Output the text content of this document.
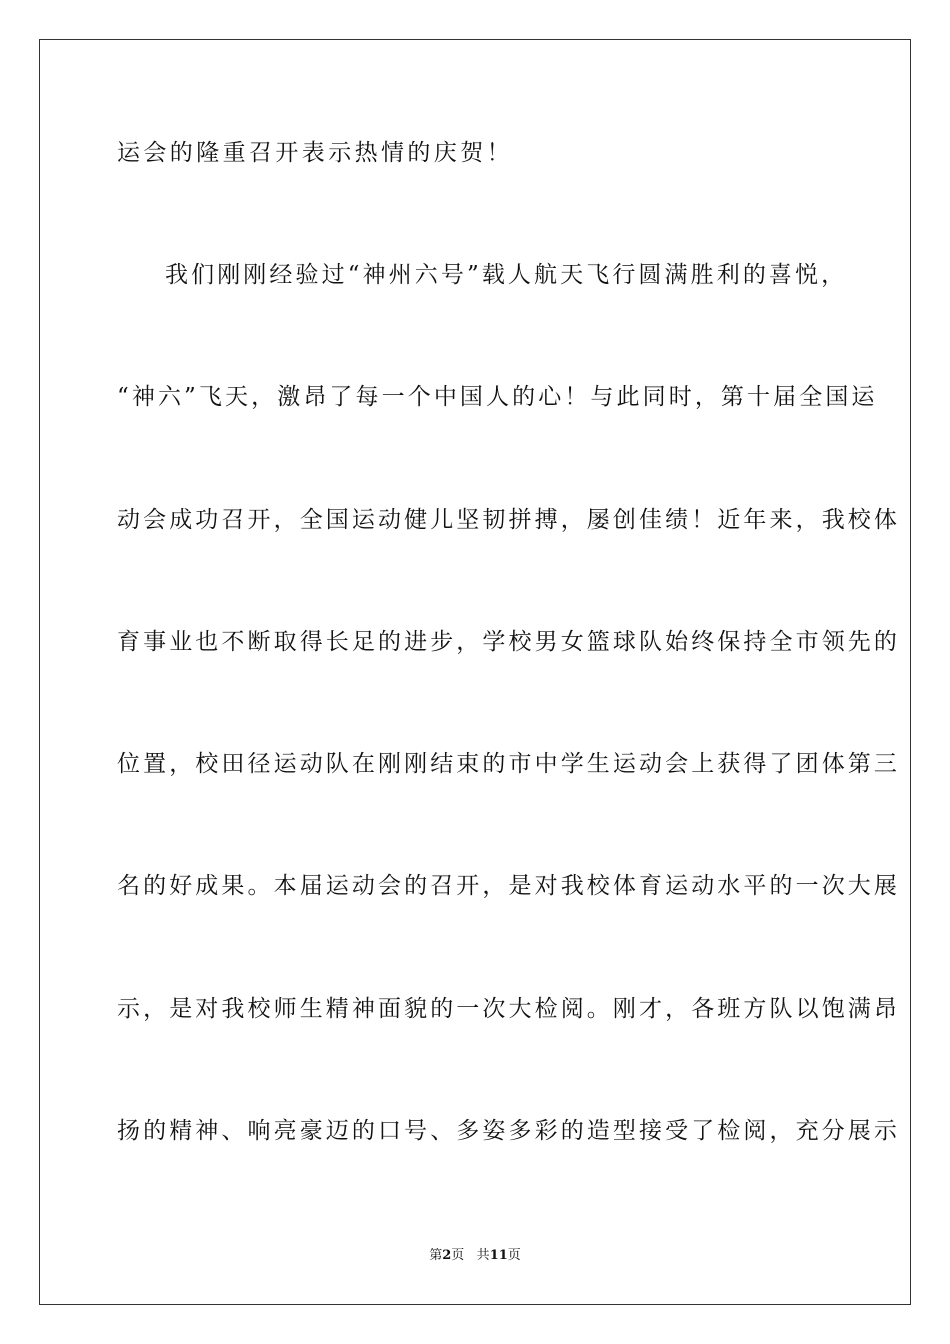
运会的隆重召开表示热情的庆贺！
我们刚刚经验过“神州六号”载人航天飞行圆满胜利的喜悦，
“神六”飞天，激昂了每一个中国人的心！与此同时，第十届全国运
动会成功召开，全国运动健儿坚韧拼搏，屡创佳绩！近年来，我校体
育事业也不断取得长足的进步，学校男女篮球队始终保持全市领先的
位置，校田径运动队在刚刚结束的市中学生运动会上获得了团体第三
名的好成果。本届运动会的召开，是对我校体育运动水平的一次大展
示，是对我校师生精神面貌的一次大检阅。刚才，各班方队以饱满昂
扬的精神、响亮豪迈的口号、多姿多彩的造型接受了检阅，充分展示
第2页 共11页
